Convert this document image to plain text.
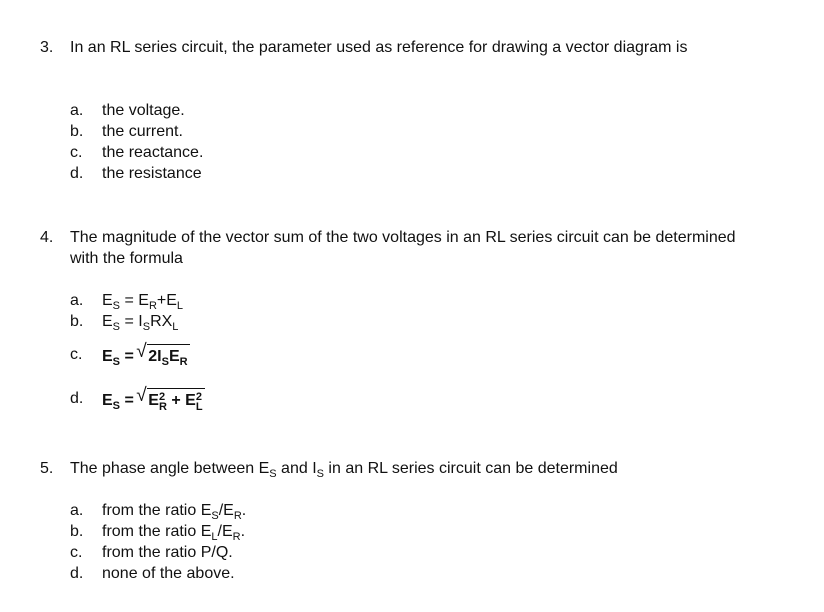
3. In an RL series circuit, the parameter used as reference for drawing a vector diagram is
a. the voltage.
b. the current.
c. the reactance.
d. the resistance
4. The magnitude of the vector sum of the two voltages in an RL series circuit can be determined with the formula
a. $E_S = E_R+E_L$
b. $E_S = I_SRX_L$
c. $E_S$ = √ $2I_SE_R$
d. $E_S$ = √ E 2
R + E 2
L
5. The phase angle between $E_S$ and $I_S$ in an RL series circuit can be determined
a. from the ratio $E_S/E_R$.
b. from the ratio $E_L/E_R$.
c. from the ratio P/Q.
d. none of the above.
